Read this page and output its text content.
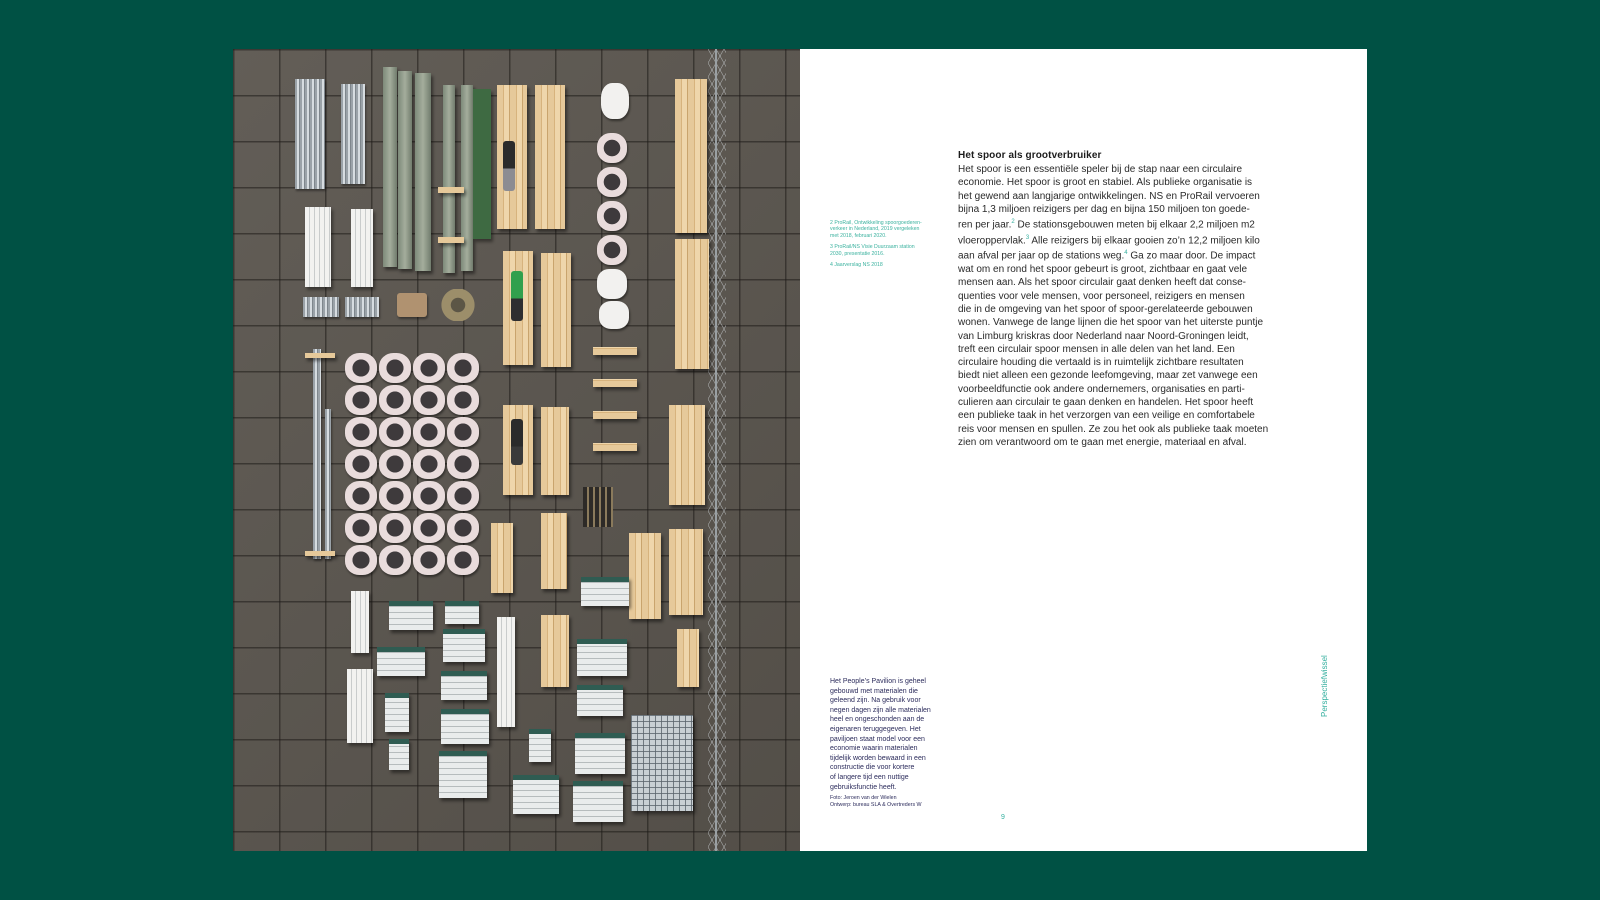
Het spoor als grootverbruiker

Het spoor is een essentiële speler bij de stap naar een circulaire

economie. Het spoor is groot en stabiel. Als publieke organisatie is

het gewend aan langjarige ontwikkelingen. NS en ProRail vervoeren

bijna 1,3 miljoen reizigers per dag en bijna 150 miljoen ton goede-

ren per jaar.$^2$ De stationsgebouwen meten bij elkaar 2,2 miljoen m2

vloeroppervlak.$^3$ Alle reizigers bij elkaar gooien zo’n 12,2 miljoen kilo

aan afval per jaar op de stations weg.$^4$ Ga zo maar door. De impact

wat om en rond het spoor gebeurt is groot, zichtbaar en gaat vele

mensen aan. Als het spoor circulair gaat denken heeft dat conse-

quenties voor vele mensen, voor personeel, reizigers en mensen

die in de omgeving van het spoor of spoor-gerelateerde gebouwen

wonen. Vanwege de lange lijnen die het spoor van het uiterste puntje

van Limburg kriskras door Nederland naar Noord-Groningen leidt,

treft een circulair spoor mensen in alle delen van het land. Een

circulaire houding die vertaald is in ruimtelijk zichtbare resultaten

biedt niet alleen een gezonde leefomgeving, maar zet vanwege een

voorbeeldfunctie ook andere ondernemers, organisaties en parti-

culieren aan circulair te gaan denken en handelen. Het spoor heeft

een publieke taak in het verzorgen van een veilige en comfortabele

reis voor mensen en spullen. Ze zou het ook als publieke taak moeten

zien om verantwoord om te gaan met energie, materiaal en afval.

2 ProRail, Ontwikkeling spoorgoederen-
verkeer in Nederland, 2019 vergeleken
met 2018, februari 2020.

3 ProRail/NS Visie Duurzaam station
2030, presentatie 2016.

4 Jaarverslag NS 2018

Het People’s Pavilion is geheel

gebouwd met materialen die

geleend zijn. Na gebruik voor

negen dagen zijn alle materialen

heel en ongeschonden aan de

eigenaren teruggegeven. Het

paviljoen staat model voor een

economie waarin materialen

tijdelijk worden bewaard in een

constructie die voor kortere

of langere tijd een nuttige

gebruiksfunctie heeft.

Foto: Jeroen van der Wielen

Ontwerp: bureau SLA & Overtreders W

9
Perspectiefwissel
